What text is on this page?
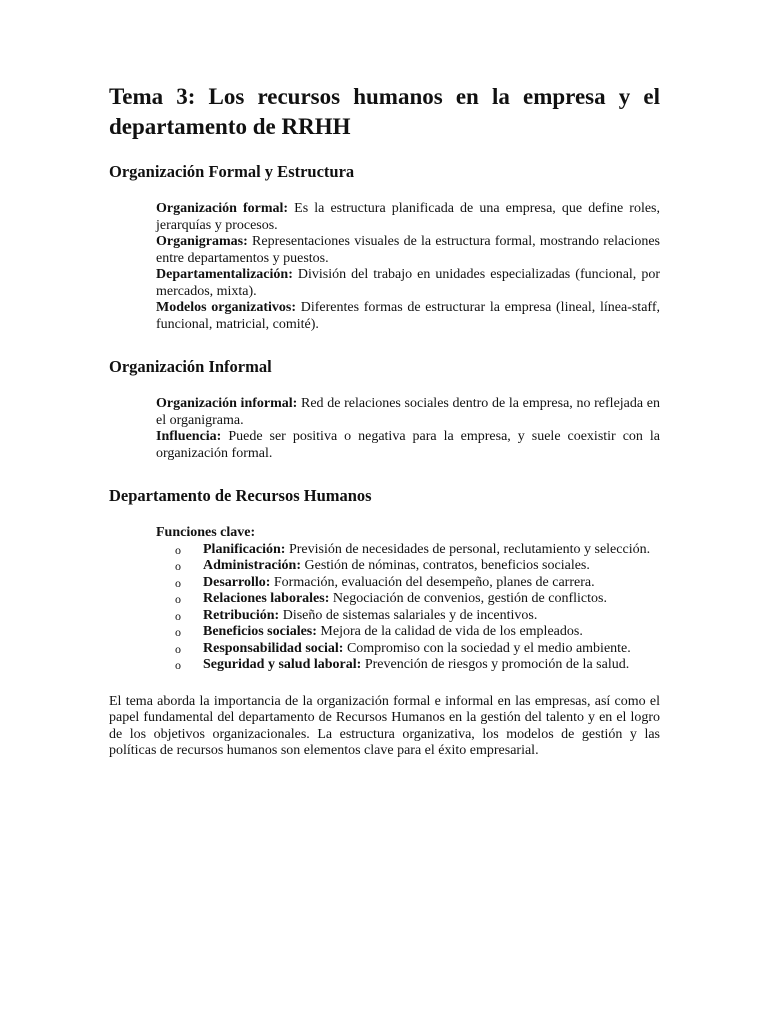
Tema 3: Los recursos humanos en la empresa y el departamento de RRHH
Organización Formal y Estructura

Organización formal: Es la estructura planificada de una empresa, que define roles, jerarquías y procesos.

Organigramas: Representaciones visuales de la estructura formal, mostrando relaciones entre departamentos y puestos.

Departamentalización: División del trabajo en unidades especializadas (funcional, por mercados, mixta).

Modelos organizativos: Diferentes formas de estructurar la empresa (lineal, línea-staff, funcional, matricial, comité).

Organización Informal

Organización informal: Red de relaciones sociales dentro de la empresa, no reflejada en el organigrama.

Influencia: Puede ser positiva o negativa para la empresa, y suele coexistir con la organización formal.

Departamento de Recursos Humanos

Funciones clave:

o Planificación: Previsión de necesidades de personal, reclutamiento y selección.
o Administración: Gestión de nóminas, contratos, beneficios sociales.
o Desarrollo: Formación, evaluación del desempeño, planes de carrera.
o Relaciones laborales: Negociación de convenios, gestión de conflictos.
o Retribución: Diseño de sistemas salariales y de incentivos.
o Beneficios sociales: Mejora de la calidad de vida de los empleados.
o Responsabilidad social: Compromiso con la sociedad y el medio ambiente.
o Seguridad y salud laboral: Prevención de riesgos y promoción de la salud.

El tema aborda la importancia de la organización formal e informal en las empresas, así como el papel fundamental del departamento de Recursos Humanos en la gestión del talento y en el logro de los objetivos organizacionales. La estructura organizativa, los modelos de gestión y las políticas de recursos humanos son elementos clave para el éxito empresarial.
